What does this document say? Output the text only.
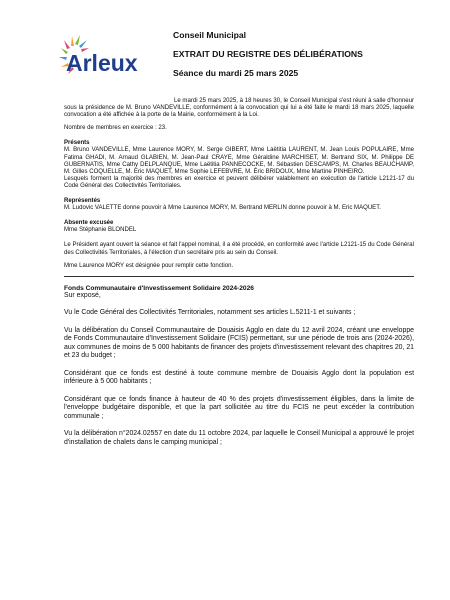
Arleux
Conseil Municipal
EXTRAIT DU REGISTRE DES DÉLIBÉRATIONS
Séance du mardi 25 mars 2025

Le mardi 25 mars 2025, à 18 heures 30, le Conseil Municipal s'est réuni à salle d'honneur sous la présidence de M. Bruno VANDEVILLE, conformément à la convocation qui lui a été faite le mardi 18 mars 2025, laquelle convocation a été affichée à la porte de la Mairie, conformément à la Loi.

Nombre de membres en exercice : 23.

Présents

M. Bruno VANDEVILLE, Mme Laurence MORY, M. Serge GIBERT, Mme Laëtitia LAURENT, M. Jean Louis POPULAIRE, Mme Fatima GHADI, M. Arnaud GLABIEN, M. Jean-Paul CRAYE, Mme Géraldine MARCHISET, M. Bertrand SIX, M. Philippe DE GUBERNATIS, Mme Cathy DELPLANQUE, Mme Laëtitia PANNECOCKE, M. Sébastien DESCAMPS, M. Charles BEAUCHAMP, M. Gilles COQUELLE, M. Eric MAQUET, Mme Sophie LEFEBVRE, M. Éric BRIDOUX, Mme Martine PINHEIRO.

Lesquels forment la majorité des membres en exercice et peuvent délibérer valablement en exécution de l'article L2121-17 du Code Général des Collectivités Territoriales.

Représentés

M. Ludovic VALETTE donne pouvoir à Mme Laurence MORY, M. Bertrand MERLIN donne pouvoir à M. Eric MAQUET.

Absente excusée

Mme Stéphanie BLONDEL

Le Président ayant ouvert la séance et fait l'appel nominal, il a été procédé, en conformité avec l'article L2121-15 du Code Général des Collectivités Territoriales, à l'élection d'un secrétaire pris au sein du Conseil.

Mme Laurence MORY est désignée pour remplir cette fonction.

Fonds Communautaire d'Investissement Solidaire 2024-2026

Sur exposé,

Vu le Code Général des Collectivités Territoriales, notamment ses articles L.5211-1 et suivants ;

Vu la délibération du Conseil Communautaire de Douaisis Agglo en date du 12 avril 2024, créant une enveloppe de Fonds Communautaire d'Investissement Solidaire (FCIS) permettant, sur une période de trois ans (2024-2026), aux communes de moins de 5 000 habitants de financer des projets d'investissement relevant des chapitres 20, 21 et 23 du budget ;

Considérant que ce fonds est destiné à toute commune membre de Douaisis Agglo dont la population est inférieure à 5 000 habitants ;

Considérant que ce fonds finance à hauteur de 40 % des projets d'investissement éligibles, dans la limite de l'enveloppe budgétaire disponible, et que la part sollicitée au titre du FCIS ne peut excéder la contribution communale ;

Vu la délibération n°2024.02557 en date du 11 octobre 2024, par laquelle le Conseil Municipal a approuvé le projet d'installation de chalets dans le camping municipal ;
